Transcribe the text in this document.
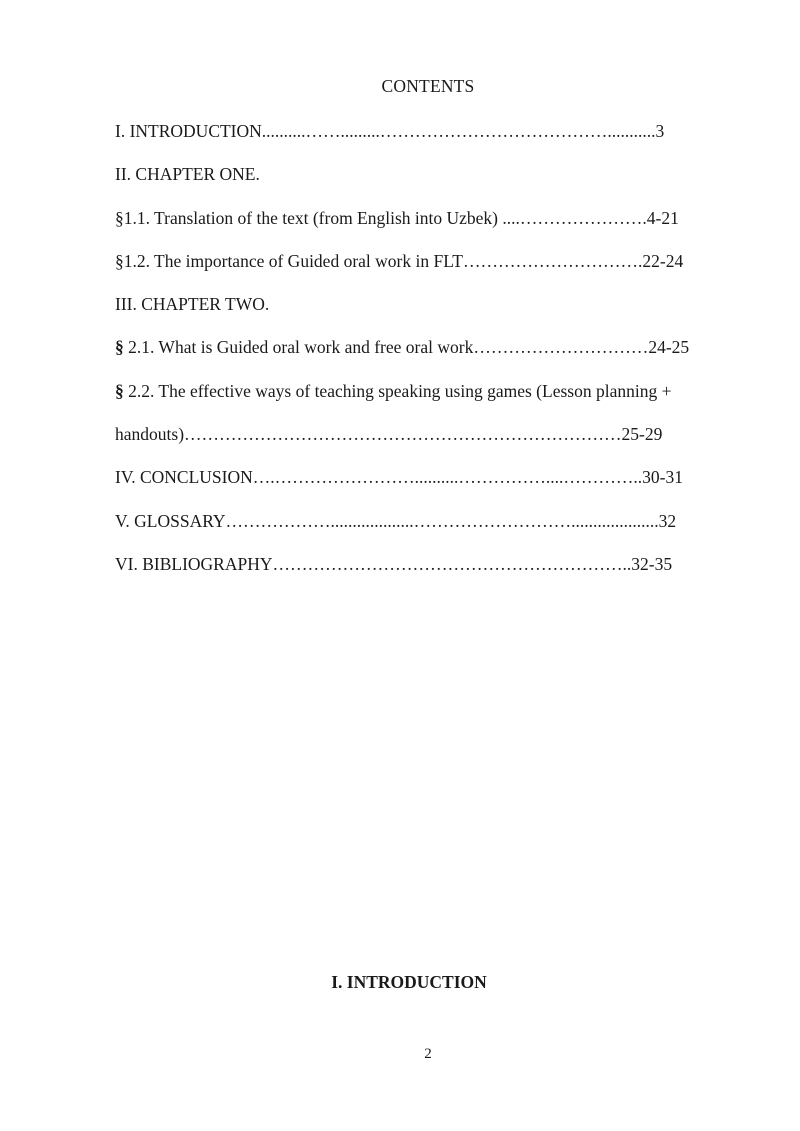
CONTENTS
I. INTRODUCTION..........…….........…………………………………...........3
II. CHAPTER ONE.
§1.1. Translation of the text (from English into Uzbek) ....………………….4-21
§1.2. The importance of Guided oral work in FLT………………………….22-24
III. CHAPTER TWO.
§ 2.1. What is Guided oral work and free oral work…………………………24-25
§ 2.2. The effective ways of teaching speaking using games (Lesson planning +
handouts)…………………………………………………………………25-29
IV. CONCLUSION….……………………..........……………....…………..30-31
V. GLOSSARY………………...................………………………....................32
VI. BIBLIOGRAPHY……………………………………………………..32-35
I. INTRODUCTION
2
